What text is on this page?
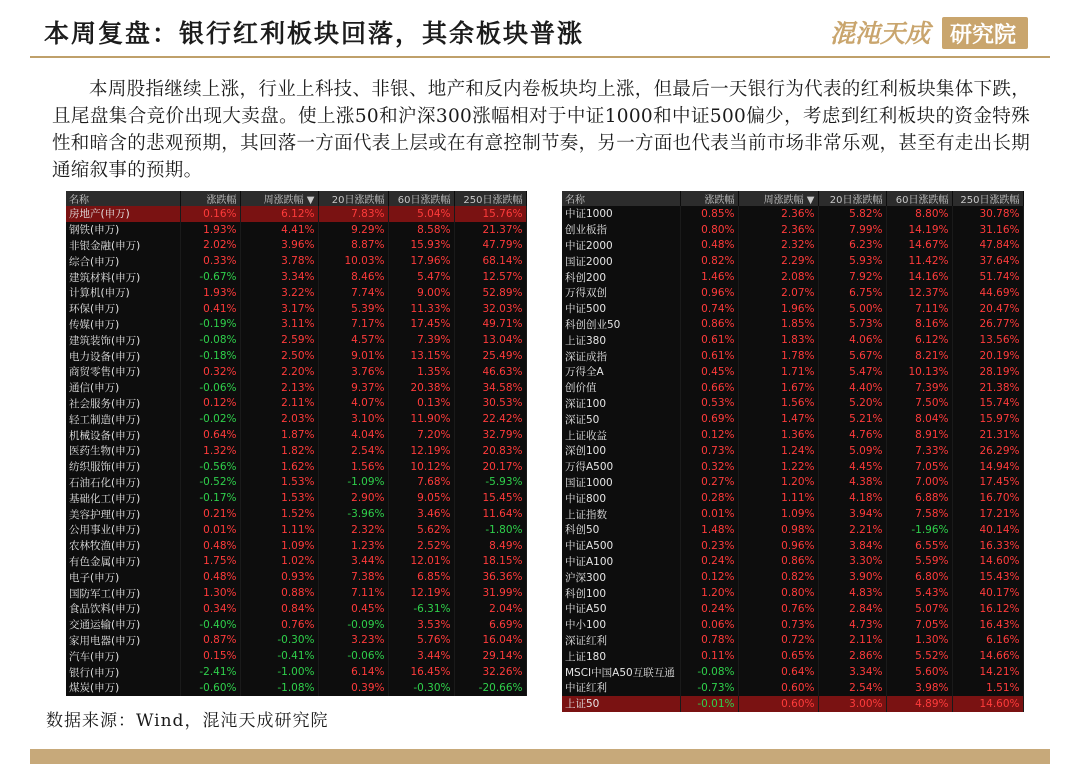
本周复盘：银行红利板块回落，其余板块普涨	混沌天成 研究院
本周股指继续上涨，行业上科技、非银、地产和反内卷板块均上涨，但最后一天银行为代表的红利板块集体下跌，且尾盘集合竞价出现大卖盘。使上涨50和沪深300涨幅相对于中证1000和中证500偏少，考虑到红利板块的资金特殊性和暗含的悲观预期，其回落一方面代表上层或在有意控制节奏，另一方面也代表当前市场非常乐观，甚至有走出长期通缩叙事的预期。
名称	涨跌幅	周涨跌幅 ▼	20日涨跌幅	60日涨跌幅	250日涨跌幅
房地产(申万)	0.16%	6.12%	7.83%	5.04%	15.76%
钢铁(申万)	1.93%	4.41%	9.29%	8.58%	21.37%
非银金融(申万)	2.02%	3.96%	8.87%	15.93%	47.79%
综合(申万)	0.33%	3.78%	10.03%	17.96%	68.14%
建筑材料(申万)	-0.67%	3.34%	8.46%	5.47%	12.57%
计算机(申万)	1.93%	3.22%	7.74%	9.00%	52.89%
环保(申万)	0.41%	3.17%	5.39%	11.33%	32.03%
传媒(申万)	-0.19%	3.11%	7.17%	17.45%	49.71%
建筑装饰(申万)	-0.08%	2.59%	4.57%	7.39%	13.04%
电力设备(申万)	-0.18%	2.50%	9.01%	13.15%	25.49%
商贸零售(申万)	0.32%	2.20%	3.76%	1.35%	46.63%
通信(申万)	-0.06%	2.13%	9.37%	20.38%	34.58%
社会服务(申万)	0.12%	2.11%	4.07%	0.13%	30.53%
轻工制造(申万)	-0.02%	2.03%	3.10%	11.90%	22.42%
机械设备(申万)	0.64%	1.87%	4.04%	7.20%	32.79%
医药生物(申万)	1.32%	1.82%	2.54%	12.19%	20.83%
纺织服饰(申万)	-0.56%	1.62%	1.56%	10.12%	20.17%
石油石化(申万)	-0.52%	1.53%	-1.09%	7.68%	-5.93%
基础化工(申万)	-0.17%	1.53%	2.90%	9.05%	15.45%
美容护理(申万)	0.21%	1.52%	-3.96%	3.46%	11.64%
公用事业(申万)	0.01%	1.11%	2.32%	5.62%	-1.80%
农林牧渔(申万)	0.48%	1.09%	1.23%	2.52%	8.49%
有色金属(申万)	1.75%	1.02%	3.44%	12.01%	18.15%
电子(申万)	0.48%	0.93%	7.38%	6.85%	36.36%
国防军工(申万)	1.30%	0.88%	7.11%	12.19%	31.99%
食品饮料(申万)	0.34%	0.84%	0.45%	-6.31%	2.04%
交通运输(申万)	-0.40%	0.76%	-0.09%	3.53%	6.69%
家用电器(申万)	0.87%	-0.30%	3.23%	5.76%	16.04%
汽车(申万)	0.15%	-0.41%	-0.06%	3.44%	29.14%
银行(申万)	-2.41%	-1.00%	6.14%	16.45%	32.26%
煤炭(申万)	-0.60%	-1.08%	0.39%	-0.30%	-20.66%
名称	涨跌幅	周涨跌幅 ▼	20日涨跌幅	60日涨跌幅	250日涨跌幅
中证1000	0.85%	2.36%	5.82%	8.80%	30.78%
创业板指	0.80%	2.36%	7.99%	14.19%	31.16%
中证2000	0.48%	2.32%	6.23%	14.67%	47.84%
国证2000	0.82%	2.29%	5.93%	11.42%	37.64%
科创200	1.46%	2.08%	7.92%	14.16%	51.74%
万得双创	0.96%	2.07%	6.75%	12.37%	44.69%
中证500	0.74%	1.96%	5.00%	7.11%	20.47%
科创创业50	0.86%	1.85%	5.73%	8.16%	26.77%
上证380	0.61%	1.83%	4.06%	6.12%	13.56%
深证成指	0.61%	1.78%	5.67%	8.21%	20.19%
万得全A	0.45%	1.71%	5.47%	10.13%	28.19%
创价值	0.66%	1.67%	4.40%	7.39%	21.38%
深证100	0.53%	1.56%	5.20%	7.50%	15.74%
深证50	0.69%	1.47%	5.21%	8.04%	15.97%
上证收益	0.12%	1.36%	4.76%	8.91%	21.31%
深创100	0.73%	1.24%	5.09%	7.33%	26.29%
万得A500	0.32%	1.22%	4.45%	7.05%	14.94%
国证1000	0.27%	1.20%	4.38%	7.00%	17.45%
中证800	0.28%	1.11%	4.18%	6.88%	16.70%
上证指数	0.01%	1.09%	3.94%	7.58%	17.21%
科创50	1.48%	0.98%	2.21%	-1.96%	40.14%
中证A500	0.23%	0.96%	3.84%	6.55%	16.33%
中证A100	0.24%	0.86%	3.30%	5.59%	14.60%
沪深300	0.12%	0.82%	3.90%	6.80%	15.43%
科创100	1.20%	0.80%	4.83%	5.43%	40.17%
中证A50	0.24%	0.76%	2.84%	5.07%	16.12%
中小100	0.06%	0.73%	4.73%	7.05%	16.43%
深证红利	0.78%	0.72%	2.11%	1.30%	6.16%
上证180	0.11%	0.65%	2.86%	5.52%	14.66%
MSCI中国A50互联互通	-0.08%	0.64%	3.34%	5.60%	14.21%
中证红利	-0.73%	0.60%	2.54%	3.98%	1.51%
上证50	-0.01%	0.60%	3.00%	4.89%	14.60%
数据来源：Wind，混沌天成研究院
